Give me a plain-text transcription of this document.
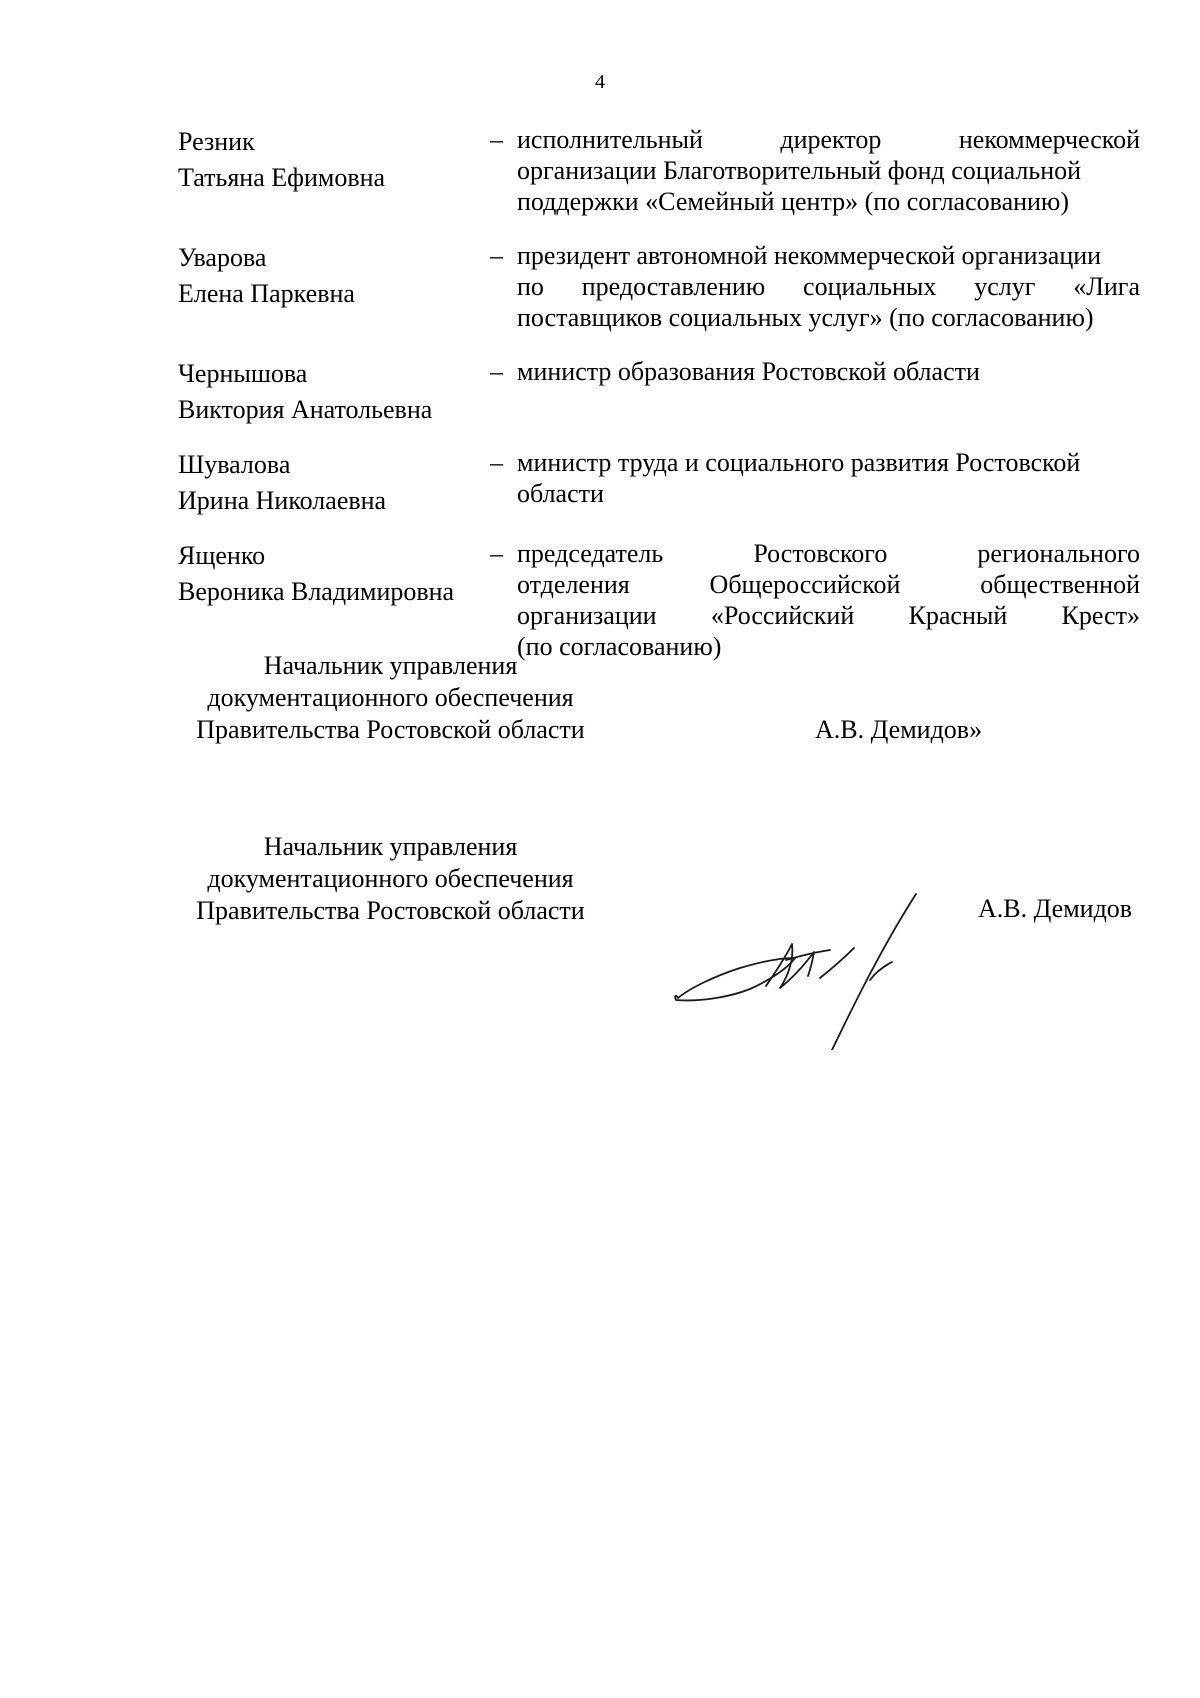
4
Резник
Татьяна Ефимовна
– исполнительный	директор	некоммерческой
организации Благотворительный фонд социальной
поддержки «Семейный центр» (по согласованию)
Уварова
Елена Паркевна
– президент автономной некоммерческой организации
по предоставлению социальных услуг «Лига
поставщиков социальных услуг» (по согласованию)
Чернышова
Виктория Анатольевна
– министр образования Ростовской области
Шувалова
Ирина Николаевна
– министр труда и социального развития Ростовской
области
Ященко
Вероника Владимировна
– председатель	Ростовского	регионального
отделения	Общероссийской	общественной
организации «Российский Красный Крест»
(по согласованию)
Начальник управления
документационного обеспечения
Правительства Ростовской области	А.В. Демидов»
Начальник управления
документационного обеспечения
Правительства Ростовской области	А.В. Демидов
